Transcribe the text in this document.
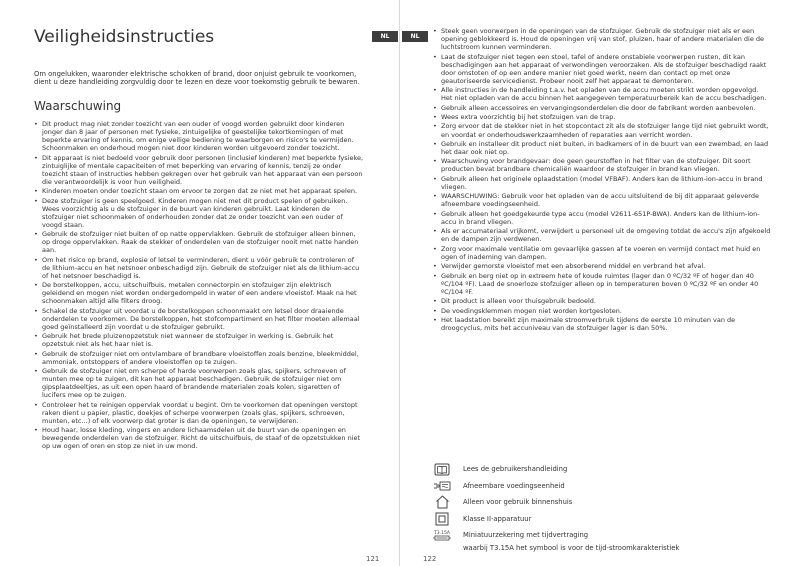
Veiligheidsinstructies	NL

Om ongelukken, waaronder elektrische schokken of brand, door onjuist gebruik te voorkomen, dient u deze handleiding zorgvuldig door te lezen en deze voor toekomstig gebruik te bewaren.

Waarschuwing
• Dit product mag niet zonder toezicht van een ouder of voogd worden gebruikt door kinderen jonger dan 8 jaar of personen met fysieke, zintuigelijke of geestelijke tekortkomingen of met beperkte ervaring of kennis, om enige veilige bediening te waarborgen en risico's te vermijden. Schoonmaken en onderhoud mogen niet door kinderen worden uitgevoerd zonder toezicht.
• Dit apparaat is niet bedoeld voor gebruik door personen (inclusief kinderen) met beperkte fysieke, zintuiglijke of mentale capaciteiten of met beperking van ervaring of kennis, tenzij ze onder toezicht staan of instructies hebben gekregen over het gebruik van het apparaat van een persoon die verantwoordelijk is voor hun veiligheid.
• Kinderen moeten onder toezicht staan om ervoor te zorgen dat ze niet met het apparaat spelen.
• Deze stofzuiger is geen speelgoed. Kinderen mogen niet met dit product spelen of gebruiken. Wees voorzichtig als u de stofzuiger in de buurt van kinderen gebruikt. Laat kinderen de stofzuiger niet schoonmaken of onderhouden zonder dat ze onder toezicht van een ouder of voogd staan.
• Gebruik de stofzuiger niet buiten of op natte oppervlakken. Gebruik de stofzuiger alleen binnen, op droge oppervlakken. Raak de stekker of onderdelen van de stofzuiger nooit met natte handen aan.
• Om het risico op brand, explosie of letsel te verminderen, dient u vóór gebruik te controleren of de lithium-accu en het netsnoer onbeschadigd zijn. Gebruik de stofzuiger niet als de lithium-accu of het netsnoer beschadigd is.
• De borstelkoppen, accu, uitschuifbuis, metalen connectorpin en stofzuiger zijn elektrisch geleidend en mogen niet worden ondergedompeld in water of een andere vloeistof. Maak na het schoonmaken altijd alle filters droog.
• Schakel de stofzuiger uit voordat u de borstelkoppen schoonmaakt om letsel door draaiende onderdelen te voorkomen. De borstelkoppen, het stofcompartiment en het filter moeten allemaal goed geïnstalleerd zijn voordat u de stofzuiger gebruikt.
• Gebruik het brede pluizenopzetstuk niet wanneer de stofzuiger in werking is. Gebruik het opzetstuk niet als het haar niet is.
• Gebruik de stofzuiger niet om ontvlambare of brandbare vloeistoffen zoals benzine, bleekmiddel, ammoniak, ontstoppers of andere vloeistoffen op te zuigen.
• Gebruik de stofzuiger niet om scherpe of harde voorwerpen zoals glas, spijkers, schroeven of munten mee op te zuigen, dit kan het apparaat beschadigen. Gebruik de stofzuiger niet om gipsplaatdeeltjes, as uit een open haard of brandende materialen zoals kolen, sigaretten of lucifers mee op te zuigen.
• Controleer het te reinigen oppervlak voordat u begint. Om te voorkomen dat openingen verstopt raken dient u papier, plastic, doekjes of scherpe voorwerpen (zoals glas, spijkers, schroeven, munten, etc...) of elk voorwerp dat groter is dan de openingen, te verwijderen.
• Houd haar, losse kleding, vingers en andere lichaamsdelen uit de buurt van de openingen en bewegende onderdelen van de stofzuiger. Richt de uitschuifbuis, de staaf of de opzetstukken niet op uw ogen of oren en stop ze niet in uw mond.
121
NL
• Steek geen voorwerpen in de openingen van de stofzuiger. Gebruik de stofzuiger niet als er een opening geblokkeerd is. Houd de openingen vrij van stof, pluizen, haar of andere materialen die de luchtstroom kunnen verminderen.
• Laat de stofzuiger niet tegen een stoel, tafel of andere onstabiele voorwerpen rusten, dit kan beschadigingen aan het apparaat of verwondingen veroorzaken. Als de stofzuiger beschadigd raakt door omstoten of op een andere manier niet goed werkt, neem dan contact op met onze geautoriseerde servicedienst. Probeer nooit zelf het apparaat te demonteren.
• Alle instructies in de handleiding t.a.v. het opladen van de accu moeten strikt worden opgevolgd. Het niet opladen van de accu binnen het aangegeven temperatuurbereik kan de accu beschadigen.
• Gebruik alleen accessoires en vervangingsonderdelen die door de fabrikant worden aanbevolen.
• Wees extra voorzichtig bij het stofzuigen van de trap.
• Zorg ervoor dat de stekker niet in het stopcontact zit als de stofzuiger lange tijd niet gebruikt wordt, en voordat er onderhoudswerkzaamheden of reparaties aan verricht worden.
• Gebruik en installeer dit product niet buiten, in badkamers of in de buurt van een zwembad, en laad het daar ook niet op.
• Waarschuwing voor brandgevaar: doe geen geurstoffen in het filter van de stofzuiger. Dit soort producten bevat brandbare chemicaliën waardoor de stofzuiger in brand kan vliegen.
• Gebruik alleen het originele oplaadstation (model VFBAF). Anders kan de lithium-ion-accu in brand vliegen.
• WAARSCHUWING: Gebruik voor het opladen van de accu uitsluitend de bij dit apparaat geleverde afneembare voedingseenheid.
• Gebruik alleen het goedgekeurde type accu (model V2611-651P-BWA). Anders kan de lithium-ion-accu in brand vliegen.
• Als er accumateriaal vrijkomt, verwijdert u personeel uit de omgeving totdat de accu's zijn afgekoeld en de dampen zijn verdwenen.
• Zorg voor maximale ventilatie om gevaarlijke gassen af te voeren en vermijd contact met huid en ogen of inademing van dampen.
• Verwijder gemorste vloeistof met een absorberend middel en verbrand het afval.
• Gebruik en berg niet op in extreem hete of koude ruimtes (lager dan 0 ºC/32 ºF of hoger dan 40 ºC/104 ºF). Laad de snoerloze stofzuiger alleen op in temperaturen boven 0 ºC/32 ºF en onder 40 ºC/104 ºF.
• Dit product is alleen voor thuisgebruik bedoeld.
• De voedingsklemmen mogen niet worden kortgesloten.
• Het laadstation bereikt zijn maximale stroomverbruik tijdens de eerste 10 minuten van de droogcyclus, mits het accuniveau van de stofzuiger lager is dan 50%.
Lees de gebruikershandleiding
Afneembare voedingseenheid
Alleen voor gebruik binnenshuis
Klasse II-apparatuur
T3.15A Miniatuurzekering met tijdvertraging
waarbij T3.15A het symbool is voor de tijd-stroomkarakteristiek
122
